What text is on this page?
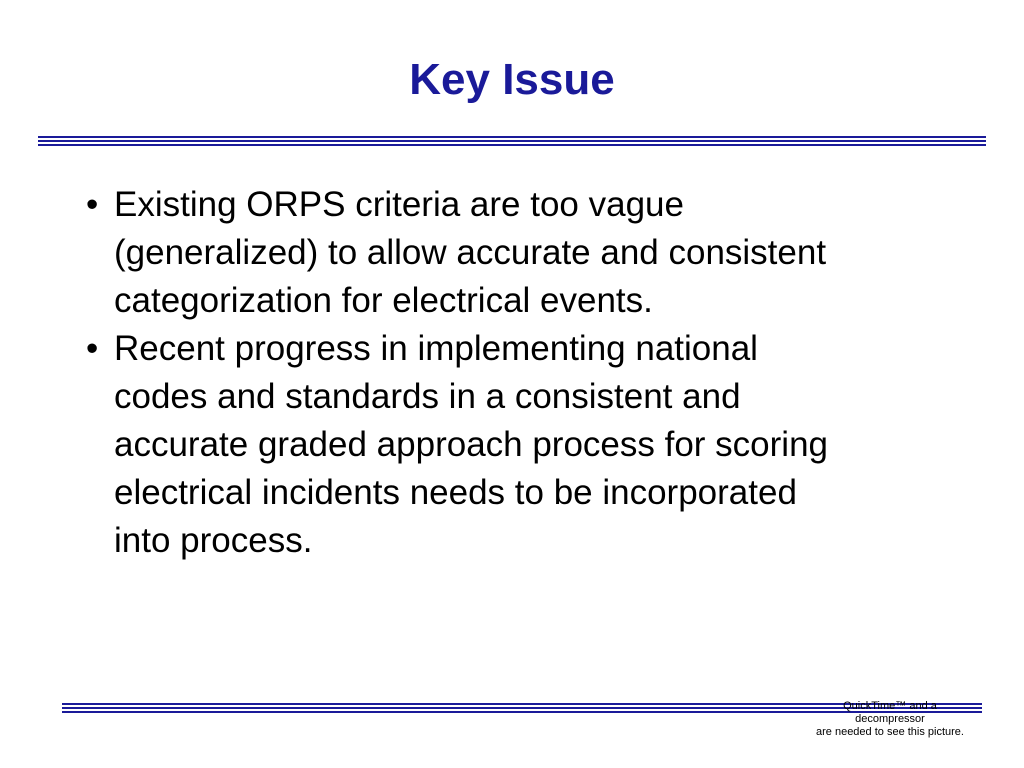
Key Issue
• Existing ORPS criteria are too vague
(generalized) to allow accurate and consistent
categorization for electrical events.
• Recent progress in implementing national
codes and standards in a consistent and
accurate graded approach process for scoring
electrical incidents needs to be incorporated
into process.
QuickTime™ and a
decompressor
are needed to see this picture.
